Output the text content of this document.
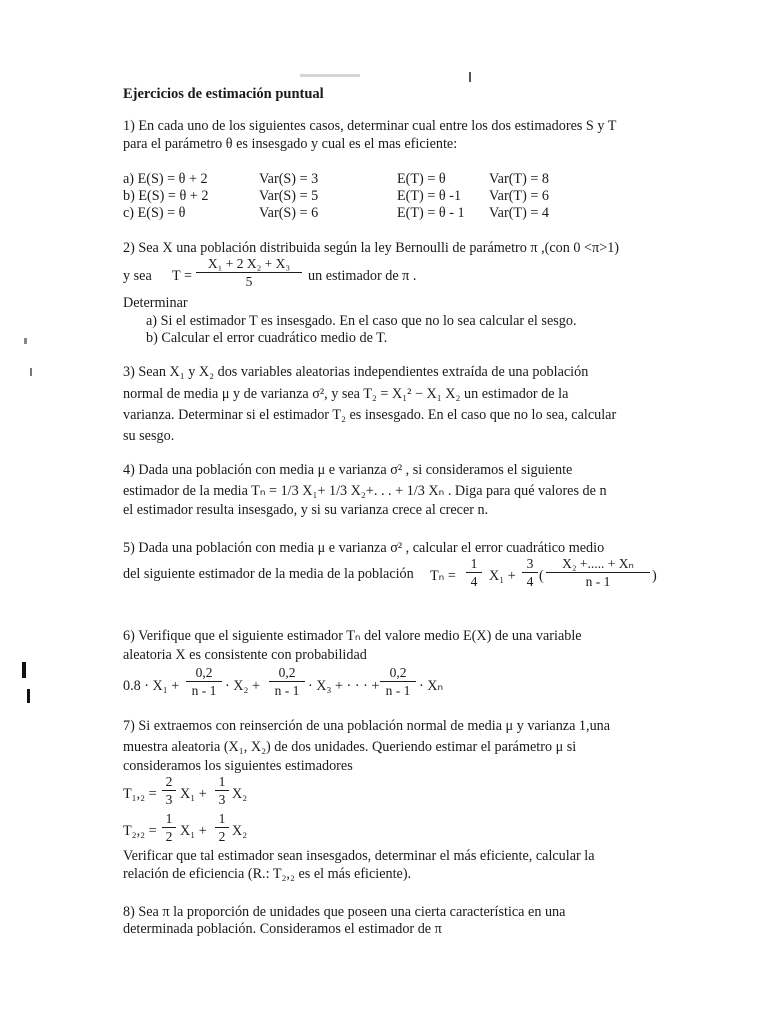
Ejercicios de estimación puntual
1) En cada uno de los siguientes casos, determinar cual entre los dos estimadores S y T
para el parámetro θ es insesgado y cual es el mas eficiente:
a) E(S) = θ + 2	Var(S) = 3	E(T) = θ	Var(T) = 8
b) E(S) = θ + 2	Var(S) = 5	E(T) = θ -1 Var(T) = 6
c) E(S) = θ	Var(S) = 6	E(T) = θ - 1 Var(T) = 4
2) Sea X una población distribuida según la ley Bernoulli de parámetro π ,(con 0 <π>1)
y sea $T = \frac{\text{X₁ + 2 X₂ + X₃}}{5}$ un estimador de π .
Determinar
a) Si el estimador T es insesgado. En el caso que no lo sea calcular el sesgo.
b) Calcular el error cuadrático medio de T.
3) Sean X₁ y X₂ dos variables aleatorias independientes extraída de una población
normal de media μ y de varianza σ², y sea T₂ = X₁² − X₁ X₂ un estimador de la
varianza. Determinar si el estimador T₂ es insesgado. En el caso que no lo sea, calcular
su sesgo.
4) Dada una población con media μ e varianza σ² , si consideramos el siguiente
estimador de la media Tₙ = 1/3 X₁+ 1/3 X₂+. . . + 1/3 Xₙ . Diga para qué valores de n
el estimador resulta insesgado, y si su varianza crece al crecer n.
5) Dada una población con media μ e varianza σ² , calcular el error cuadrático medio
del siguiente estimador de la media de la población $T_n = \frac{1}{4} X_1 + \frac{3}{4}$ ( $\frac{\text{X₂ +..... + Xₙ}}{n - 1}$ )
6) Verifique que el siguiente estimador Tₙ del valore medio E(X) de una variable
aleatoria X es consistente con probabilidad
$0.8 \cdot X_1 + \frac{0,2}{n - 1} \cdot X_2 + \frac{0,2}{n - 1} \cdot X_3$ + · · · + $\frac{0,2}{n - 1} \cdot X_n$
7) Si extraemos con reinserción de una población normal de media μ y varianza 1,una
muestra aleatoria (X₁, X₂) de dos unidades. Queriendo estimar el parámetro μ si
consideramos los siguientes estimadores
$T_1,_2 = \frac{2}{3} X_1 + \frac{1}{3} X_2$
$T_2,_2 = \frac{1}{2} X_1 + \frac{1}{2} X_2$
Verificar que tal estimador sean insesgados, determinar el más eficiente, calcular la
relación de eficiencia (R.: T₂,₂ es el más eficiente).
8) Sea π la proporción de unidades que poseen una cierta característica en una
determinada población. Consideramos el estimador de π
